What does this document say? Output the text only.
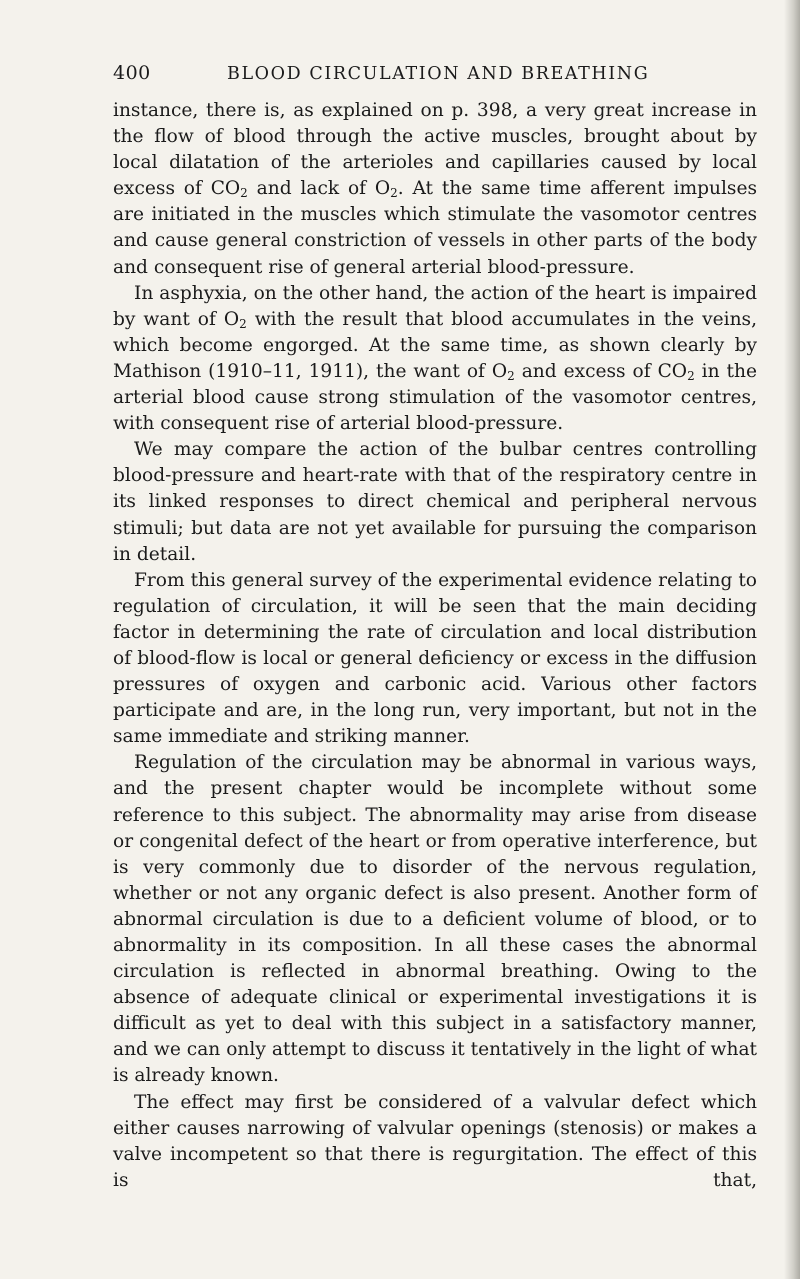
400	BLOOD CIRCULATION AND BREATHING

instance, there is, as explained on p. 398, a very great increase in the flow of blood through the active muscles, brought about by local dilatation of the arterioles and capillaries caused by local excess of $CO_2$ and lack of $O_2$. At the same time afferent impulses are initiated in the muscles which stimulate the vasomotor centres and cause general constriction of vessels in other parts of the body and consequent rise of general arterial blood-pressure.

In asphyxia, on the other hand, the action of the heart is impaired by want of $O_2$ with the result that blood accumulates in the veins, which become engorged. At the same time, as shown clearly by Mathison (1910–11, 1911), the want of $O_2$ and excess of $CO_2$ in the arterial blood cause strong stimulation of the vasomotor centres, with consequent rise of arterial blood-pressure.

We may compare the action of the bulbar centres controlling blood-pressure and heart-rate with that of the respiratory centre in its linked responses to direct chemical and peripheral nervous stimuli; but data are not yet available for pursuing the comparison in detail.

From this general survey of the experimental evidence relating to regulation of circulation, it will be seen that the main deciding factor in determining the rate of circulation and local distribution of blood-flow is local or general deficiency or excess in the diffusion pressures of oxygen and carbonic acid. Various other factors participate and are, in the long run, very important, but not in the same immediate and striking manner.

Regulation of the circulation may be abnormal in various ways, and the present chapter would be incomplete without some reference to this subject. The abnormality may arise from disease or congenital defect of the heart or from operative interference, but is very commonly due to disorder of the nervous regulation, whether or not any organic defect is also present. Another form of abnormal circulation is due to a deficient volume of blood, or to abnormality in its composition. In all these cases the abnormal circulation is reflected in abnormal breathing. Owing to the absence of adequate clinical or experimental investigations it is difficult as yet to deal with this subject in a satisfactory manner, and we can only attempt to discuss it tentatively in the light of what is already known.

The effect may first be considered of a valvular defect which either causes narrowing of valvular openings (stenosis) or makes a valve incompetent so that there is regurgitation. The effect of this is that,
